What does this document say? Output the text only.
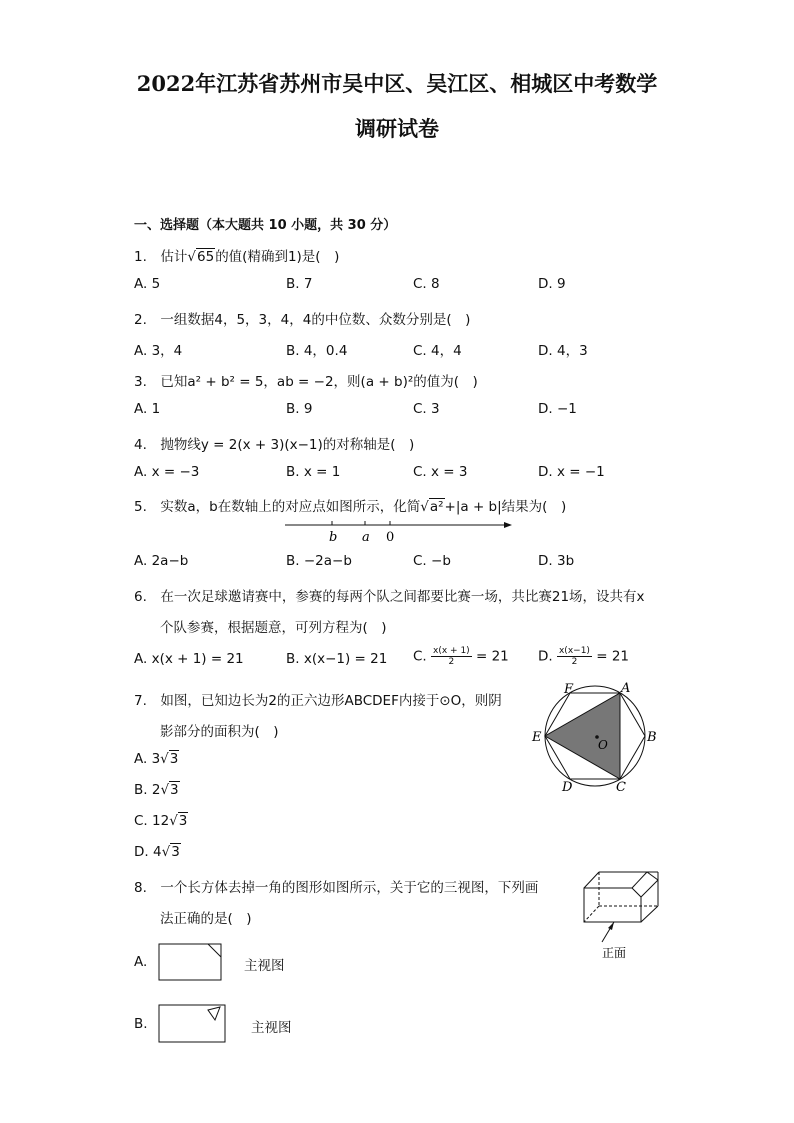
2022年江苏省苏州市吴中区、吴江区、相城区中考数学
调研试卷
一、选择题（本大题共 10 小题，共 30 分）
1.　估计√65的值(精确到1)是(　)
A. 5	B. 7	C. 8	D. 9
2.　一组数据4，5，3，4，4的中位数、众数分别是(　)
A. 3，4	B. 4，0.4	C. 4，4	D. 4，3
3.　已知a² + b² = 5，ab = −2，则(a + b)²的值为(　)
A. 1	B. 9	C. 3	D. −1
4.　抛物线y = 2(x + 3)(x−1)的对称轴是(　)
A. x = −3	B. x = 1	C. x = 3	D. x = −1
5.　实数a，b在数轴上的对应点如图所示，化简√a²+|a + b|结果为(　)
b a 0
A. 2a−b	B. −2a−b	C. −b	D. 3b
6.　在一次足球邀请赛中，参赛的每两个队之间都要比赛一场，共比赛21场，设共有x
个队参赛，根据题意，可列方程为(　)
A. x(x + 1) = 21	B. x(x−1) = 21 C. $\frac{x(x + 1)}{2} = 21$ D. $\frac{x(x-1)}{2} = 21$
7.　如图，已知边长为2的正六边形ABCDEF内接于⊙O，则阴
影部分的面积为(　)
A. 3√3
B. 2√3
C. 12√3
D. 4√3
A
B
C
D
E
F
O
8.　一个长方体去掉一角的图形如图所示，关于它的三视图，下列画
法正确的是(　)
正面
A.	主视图
B.	主视图
